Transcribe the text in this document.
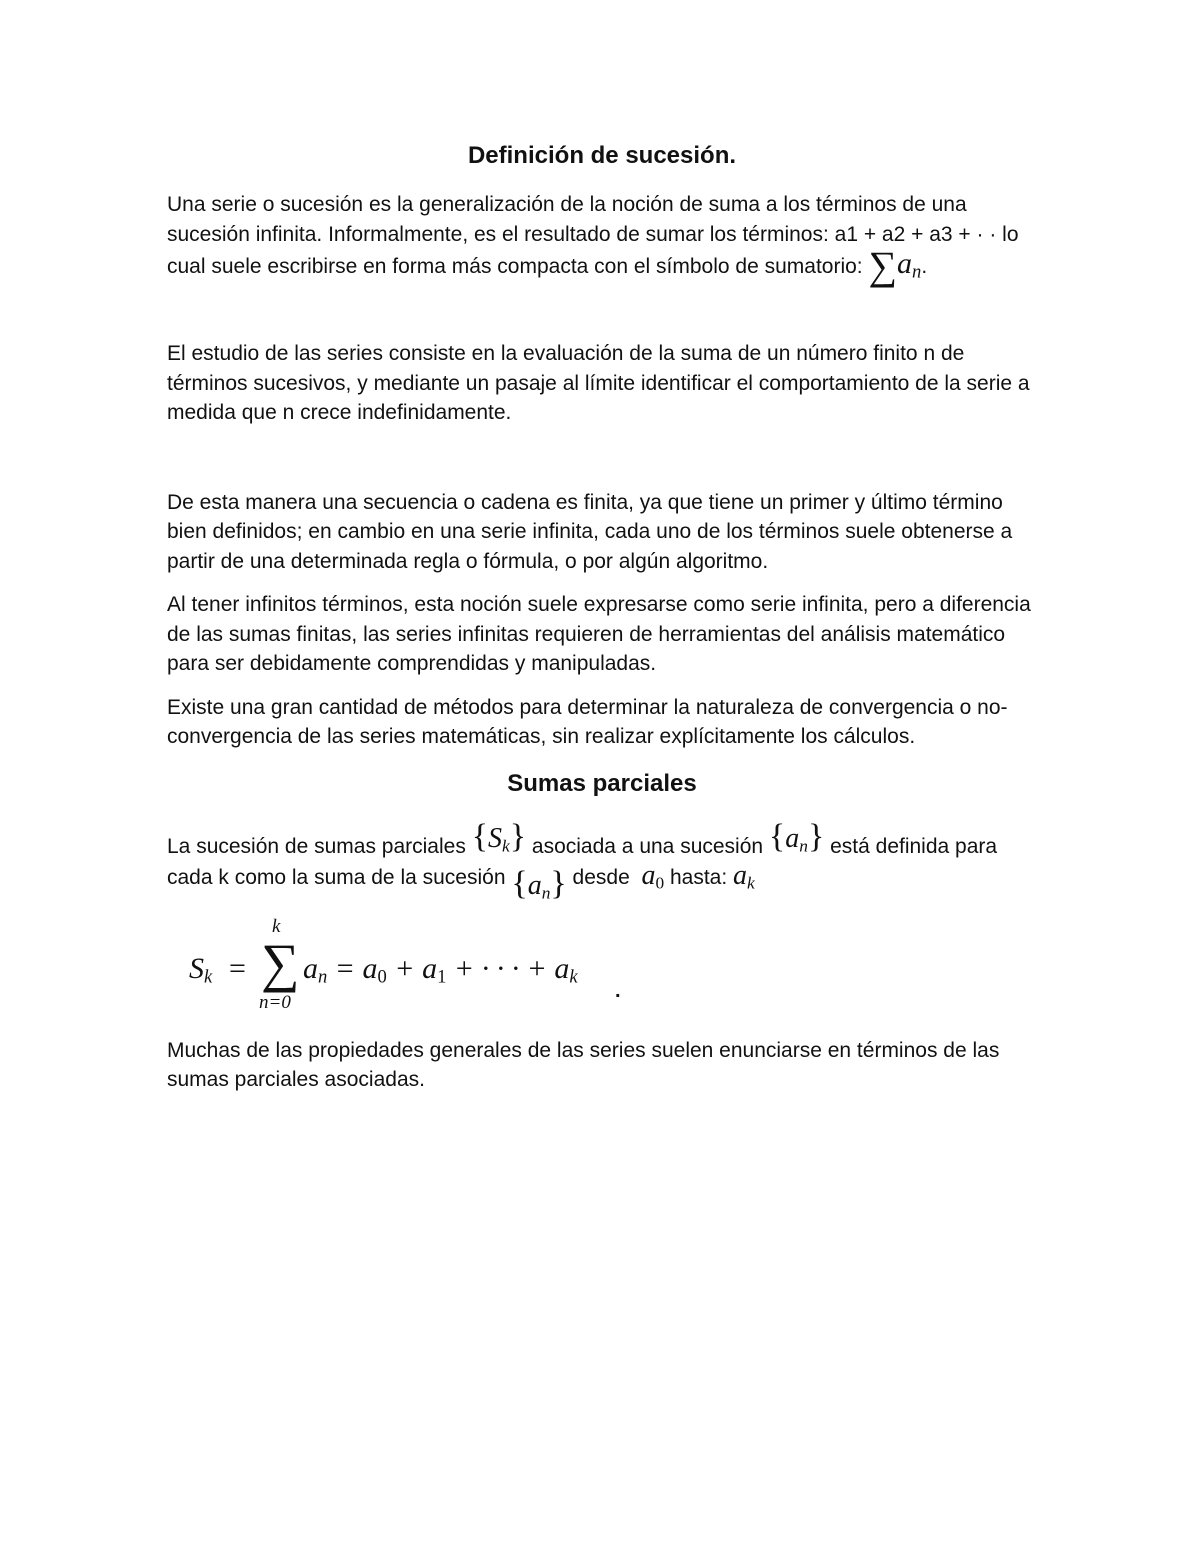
Definición de sucesión.

Una serie o sucesión es la generalización de la noción de suma a los términos de una sucesión infinita. Informalmente, es el resultado de sumar los términos: a1 + a2 + a3 + · · lo cual suele escribirse en forma más compacta con el símbolo de sumatorio: $\sum a_n$.

El estudio de las series consiste en la evaluación de la suma de un número finito n de términos sucesivos, y mediante un pasaje al límite identificar el comportamiento de la serie a medida que n crece indefinidamente.

De esta manera una secuencia o cadena es finita, ya que tiene un primer y último término bien definidos; en cambio en una serie infinita, cada uno de los términos suele obtenerse a partir de una determinada regla o fórmula, o por algún algoritmo.

Al tener infinitos términos, esta noción suele expresarse como serie infinita, pero a diferencia de las sumas finitas, las series infinitas requieren de herramientas del análisis matemático para ser debidamente comprendidas y manipuladas.

Existe una gran cantidad de métodos para determinar la naturaleza de convergencia o no-convergencia de las series matemáticas, sin realizar explícitamente los cálculos.

Sumas parciales

La sucesión de sumas parciales $\{S_k\}$ asociada a una sucesión $\{a_n\}$ está definida para cada k como la suma de la sucesión $\{a_n\}$ desde $a_0$ hasta: $a_k$

$S_k$ =
k
∑
n=0
$a_n = a_0 + a_1$ + · · · + $a_k$
.

Muchas de las propiedades generales de las series suelen enunciarse en términos de las sumas parciales asociadas.
